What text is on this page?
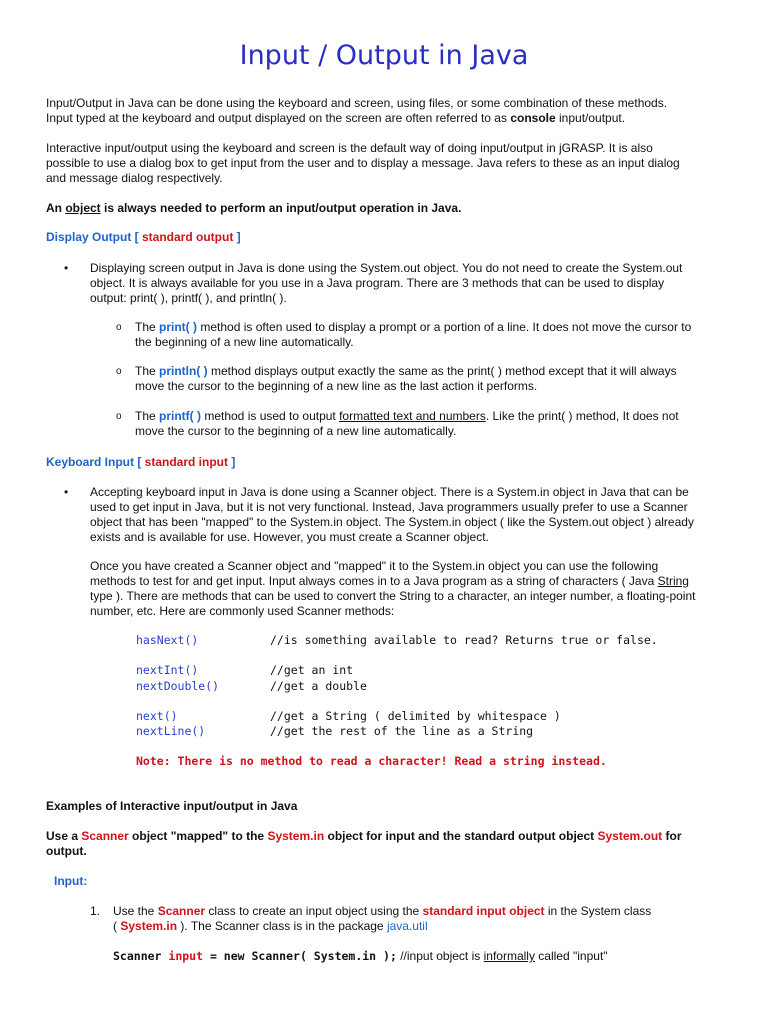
Input / Output in Java
Input/Output in Java can be done using the keyboard and screen, using files, or some combination of these methods.
Input typed at the keyboard and output displayed on the screen are often referred to as console input/output.
Interactive input/output using the keyboard and screen is the default way of doing input/output in jGRASP. It is also
possible to use a dialog box to get input from the user and to display a message. Java refers to these as an input dialog
and message dialog respectively.
An object is always needed to perform an input/output operation in Java.
Display Output [ standard output ]
• Displaying screen output in Java is done using the System.out object. You do not need to create the System.out
object. It is always available for you use in a Java program. There are 3 methods that can be used to display
output: print( ), printf( ), and println( ).
o The print( ) method is often used to display a prompt or a portion of a line. It does not move the cursor to
the beginning of a new line automatically.
o The println( ) method displays output exactly the same as the print( ) method except that it will always
move the cursor to the beginning of a new line as the last action it performs.
o The printf( ) method is used to output formatted text and numbers. Like the print( ) method, It does not
move the cursor to the beginning of a new line automatically.
Keyboard Input [ standard input ]
• Accepting keyboard input in Java is done using a Scanner object. There is a System.in object in Java that can be
used to get input in Java, but it is not very functional. Instead, Java programmers usually prefer to use a Scanner
object that has been "mapped" to the System.in object. The System.in object ( like the System.out object ) already
exists and is available for use. However, you must create a Scanner object.
Once you have created a Scanner object and "mapped" it to the System.in object you can use the following
methods to test for and get input. Input always comes in to a Java program as a string of characters ( Java String
type ). There are methods that can be used to convert the String to a character, an integer number, a floating-point
number, etc. Here are commonly used Scanner methods:
hasNext()	//is something available to read? Returns true or false.
nextInt()	//get an int
nextDouble()	//get a double
next()	//get a String ( delimited by whitespace )
nextLine()	//get the rest of the line as a String
Note: There is no method to read a character! Read a string instead.
Examples of Interactive input/output in Java
Use a Scanner object "mapped" to the System.in object for input and the standard output object System.out for
output.
Input:
1. Use the Scanner class to create an input object using the standard input object in the System class
( System.in ). The Scanner class is in the package java.util
Scanner input = new Scanner( System.in ); //input object is informally called "input"
